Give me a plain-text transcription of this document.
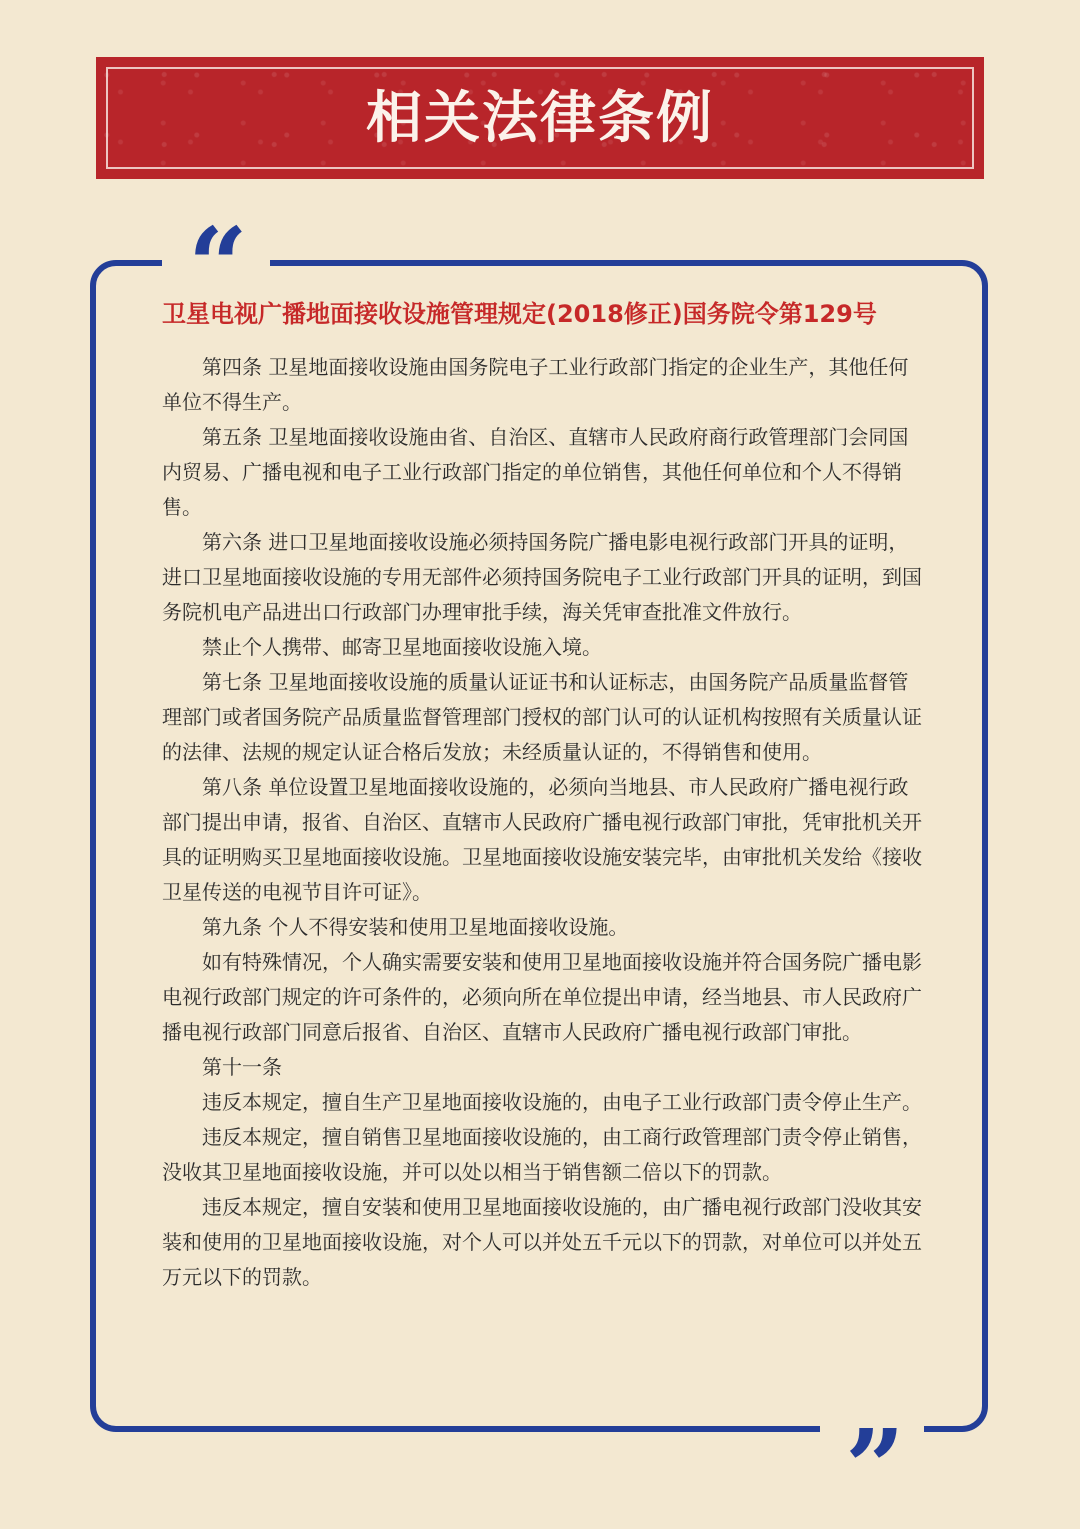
相关法律条例
“
”
卫星电视广播地面接收设施管理规定(2018修正)国务院令第129号

第四条 卫星地面接收设施由国务院电子工业行政部门指定的企业生产，其他任何单位不得生产。

第五条 卫星地面接收设施由省、自治区、直辖市人民政府商行政管理部门会同国内贸易、广播电视和电子工业行政部门指定的单位销售，其他任何单位和个人不得销售。

第六条 进口卫星地面接收设施必须持国务院广播电影电视行政部门开具的证明，进口卫星地面接收设施的专用无部件必须持国务院电子工业行政部门开具的证明，到国务院机电产品进出口行政部门办理审批手续，海关凭审查批准文件放行。

禁止个人携带、邮寄卫星地面接收设施入境。

第七条 卫星地面接收设施的质量认证证书和认证标志，由国务院产品质量监督管理部门或者国务院产品质量监督管理部门授权的部门认可的认证机构按照有关质量认证的法律、法规的规定认证合格后发放；未经质量认证的，不得销售和使用。

第八条 单位设置卫星地面接收设施的，必须向当地县、市人民政府广播电视行政部门提出申请，报省、自治区、直辖市人民政府广播电视行政部门审批，凭审批机关开具的证明购买卫星地面接收设施。卫星地面接收设施安装完毕，由审批机关发给《接收卫星传送的电视节目许可证》。

第九条 个人不得安装和使用卫星地面接收设施。

如有特殊情况，个人确实需要安装和使用卫星地面接收设施并符合国务院广播电影电视行政部门规定的许可条件的，必须向所在单位提出申请，经当地县、市人民政府广播电视行政部门同意后报省、自治区、直辖市人民政府广播电视行政部门审批。

第十一条

违反本规定，擅自生产卫星地面接收设施的，由电子工业行政部门责令停止生产。

违反本规定，擅自销售卫星地面接收设施的，由工商行政管理部门责令停止销售，没收其卫星地面接收设施，并可以处以相当于销售额二倍以下的罚款。

违反本规定，擅自安装和使用卫星地面接收设施的，由广播电视行政部门没收其安装和使用的卫星地面接收设施，对个人可以并处五千元以下的罚款，对单位可以并处五万元以下的罚款。
